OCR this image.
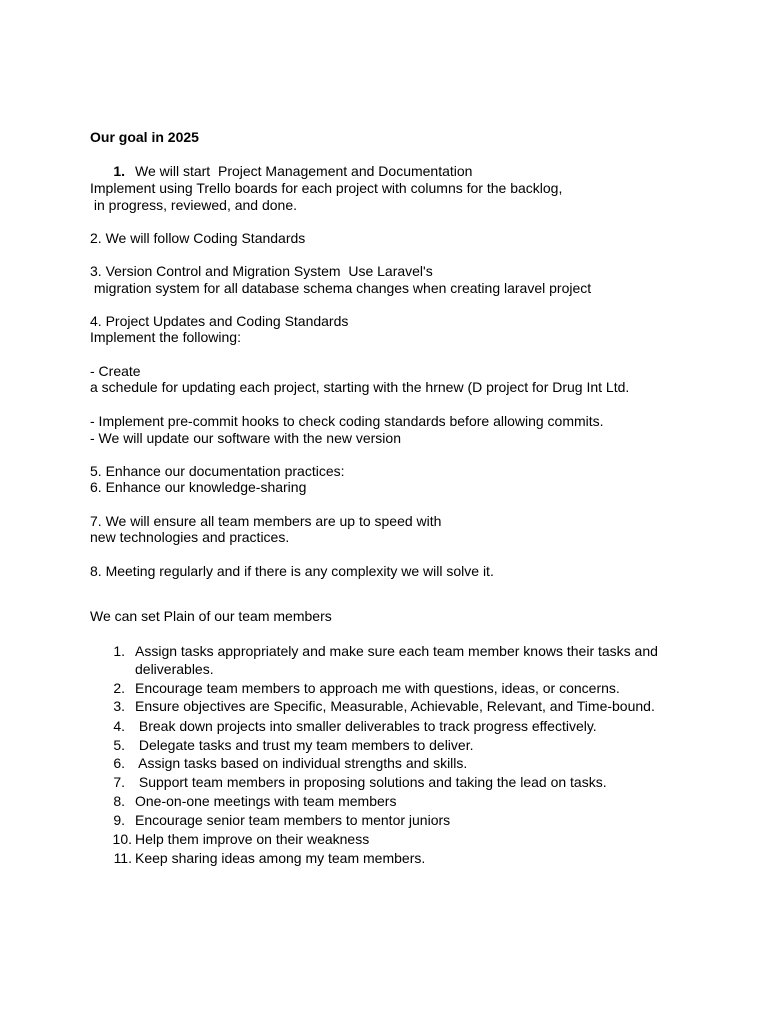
Our goal in 2025
1. We will start  Project Management and Documentation
Implement using Trello boards for each project with columns for the backlog,
in progress, reviewed, and done.
2. We will follow Coding Standards
3. Version Control and Migration System  Use Laravel's
migration system for all database schema changes when creating laravel project
4. Project Updates and Coding Standards
Implement the following:
- Create
a schedule for updating each project, starting with the hrnew (D project for Drug Int Ltd.
- Implement pre-commit hooks to check coding standards before allowing commits.
- We will update our software with the new version
5. Enhance our documentation practices:
6. Enhance our knowledge-sharing
7. We will ensure all team members are up to speed with
new technologies and practices.
8. Meeting regularly and if there is any complexity we will solve it.
We can set Plain of our team members
1. Assign tasks appropriately and make sure each team member knows their tasks and
deliverables.
2. Encourage team members to approach me with questions, ideas, or concerns.
3. Ensure objectives are Specific, Measurable, Achievable, Relevant, and Time-bound.
4. Break down projects into smaller deliverables to track progress effectively.
5. Delegate tasks and trust my team members to deliver.
6. Assign tasks based on individual strengths and skills.
7. Support team members in proposing solutions and taking the lead on tasks.
8. One-on-one meetings with team members
9. Encourage senior team members to mentor juniors
10. Help them improve on their weakness
11. Keep sharing ideas among my team members.
